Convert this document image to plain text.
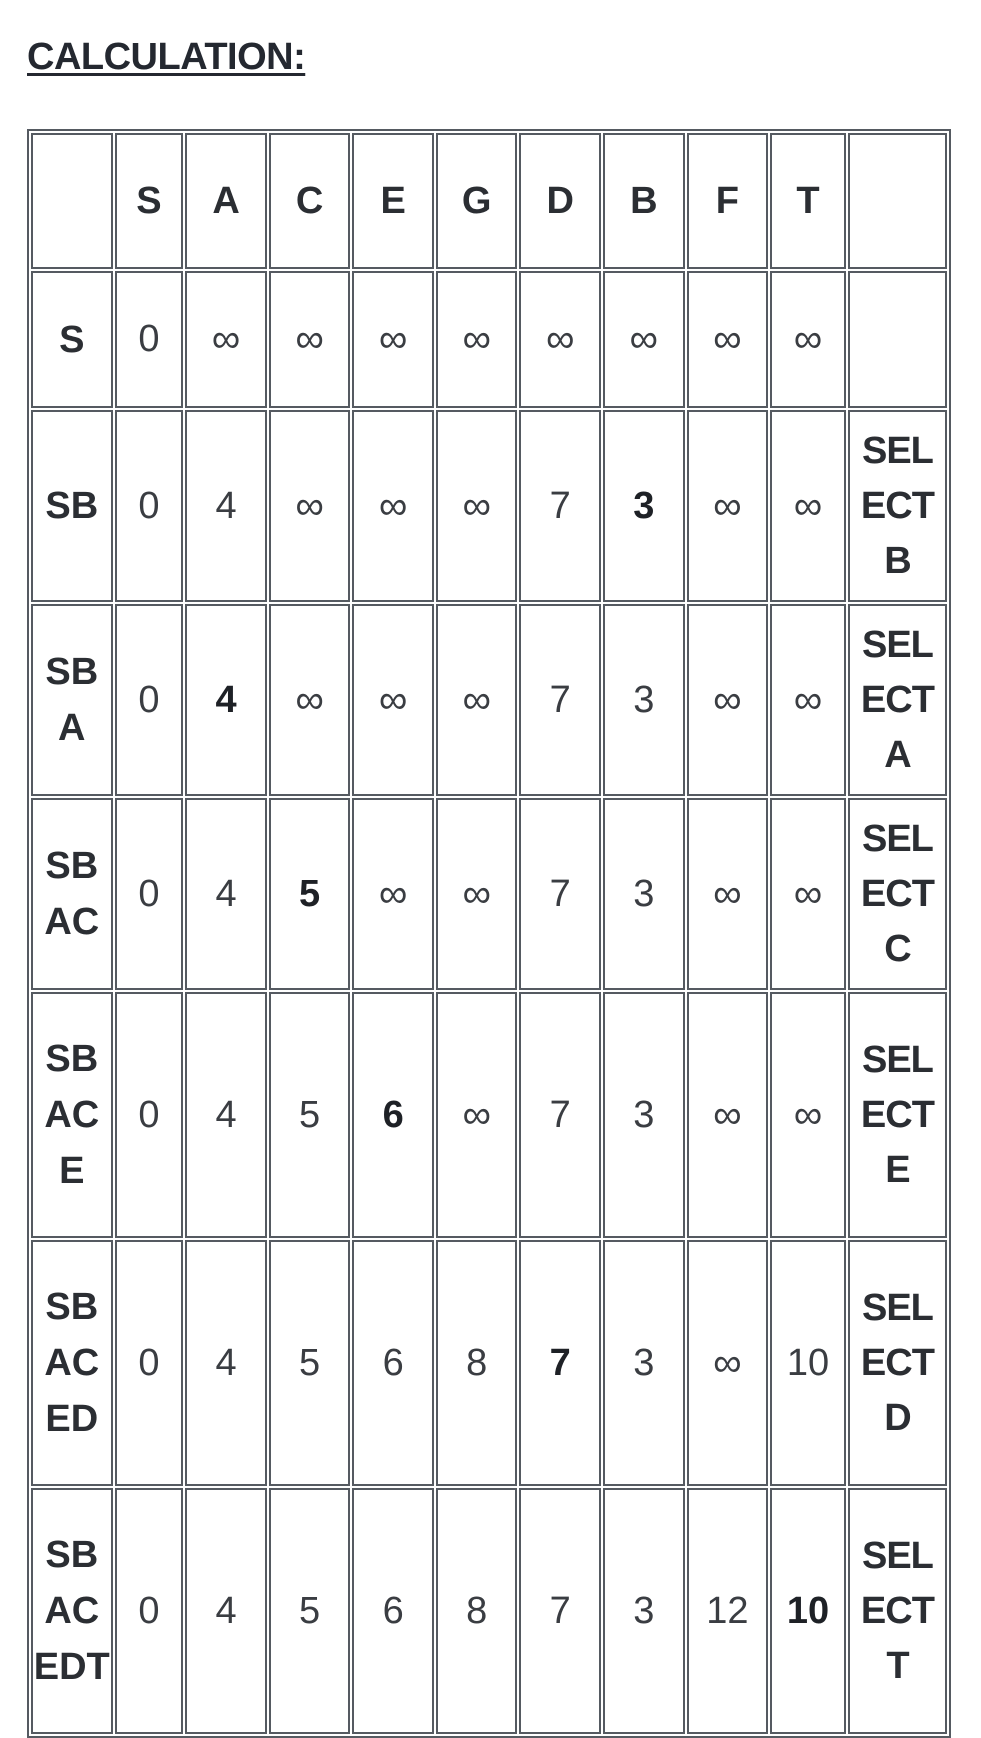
CALCULATION:
	S	A	C	E	G	D	B	F	T	
S	0	∞	∞	∞	∞	∞	∞	∞	∞	
SB	0	4	∞	∞	∞	7	3	∞	∞	SELECT B
SBA	0	4	∞	∞	∞	7	3	∞	∞	SELECT A
SBAC	0	4	5	∞	∞	7	3	∞	∞	SELECT C
SBACE	0	4	5	6	∞	7	3	∞	∞	SELECT E
SBACED	0	4	5	6	8	7	3	∞	10	SELECT D
SBACEDT	0	4	5	6	8	7	3	12	10	SELECT T
